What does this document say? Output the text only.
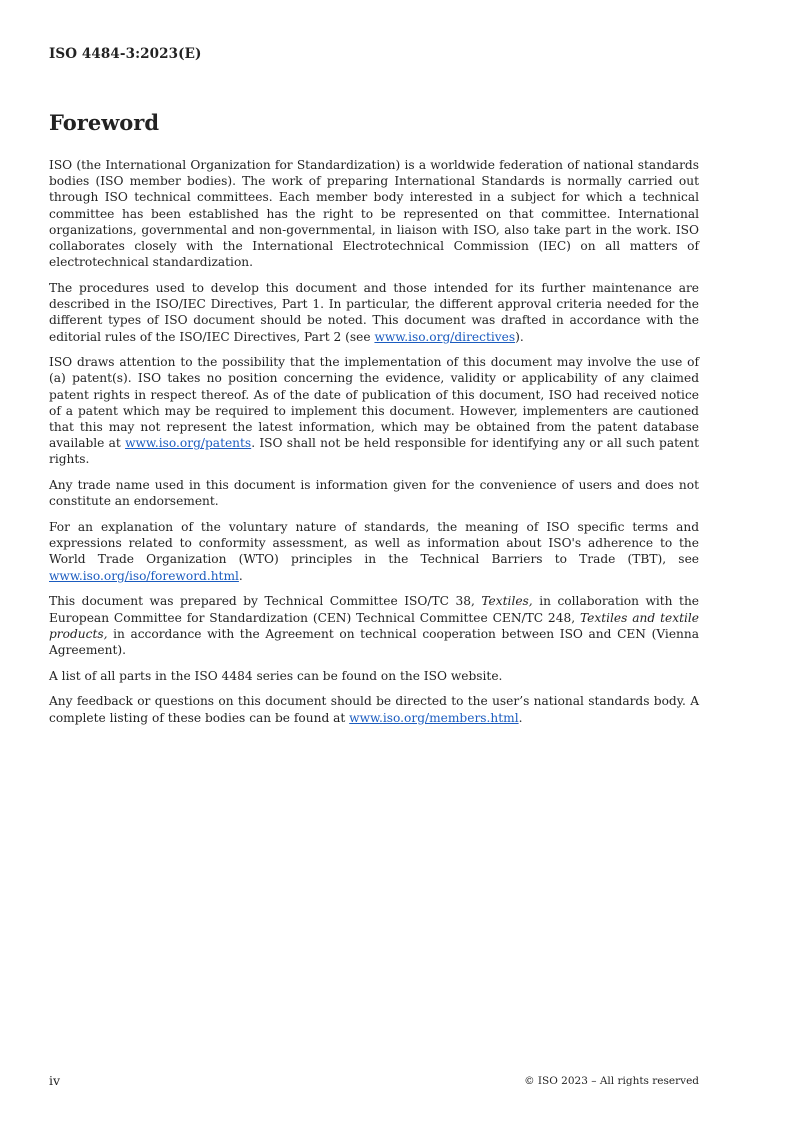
ISO 4484-3:2023(E)
Foreword

ISO (the International Organization for Standardization) is a worldwide federation of national standards bodies (ISO member bodies). The work of preparing International Standards is normally carried out through ISO technical committees. Each member body interested in a subject for which a technical committee has been established has the right to be represented on that committee. International organizations, governmental and non-governmental, in liaison with ISO, also take part in the work. ISO collaborates closely with the International Electrotechnical Commission (IEC) on all matters of electrotechnical standardization.

The procedures used to develop this document and those intended for its further maintenance are described in the ISO/IEC Directives, Part 1. In particular, the different approval criteria needed for the different types of ISO document should be noted. This document was drafted in accordance with the editorial rules of the ISO/IEC Directives, Part 2 (see www.iso.org/directives).

ISO draws attention to the possibility that the implementation of this document may involve the use of (a) patent(s). ISO takes no position concerning the evidence, validity or applicability of any claimed patent rights in respect thereof. As of the date of publication of this document, ISO had received notice of a patent which may be required to implement this document. However, implementers are cautioned that this may not represent the latest information, which may be obtained from the patent database available at www.iso.org/patents. ISO shall not be held responsible for identifying any or all such patent rights.

Any trade name used in this document is information given for the convenience of users and does not constitute an endorsement.

For an explanation of the voluntary nature of standards, the meaning of ISO specific terms and expressions related to conformity assessment, as well as information about ISO's adherence to the World Trade Organization (WTO) principles in the Technical Barriers to Trade (TBT), see www.iso.org/iso/foreword.html.

This document was prepared by Technical Committee ISO/TC 38, Textiles, in collaboration with the European Committee for Standardization (CEN) Technical Committee CEN/TC 248, Textiles and textile products, in accordance with the Agreement on technical cooperation between ISO and CEN (Vienna Agreement).

A list of all parts in the ISO 4484 series can be found on the ISO website.

Any feedback or questions on this document should be directed to the user’s national standards body. A complete listing of these bodies can be found at www.iso.org/members.html.

iv	© ISO 2023 – All rights reserved
